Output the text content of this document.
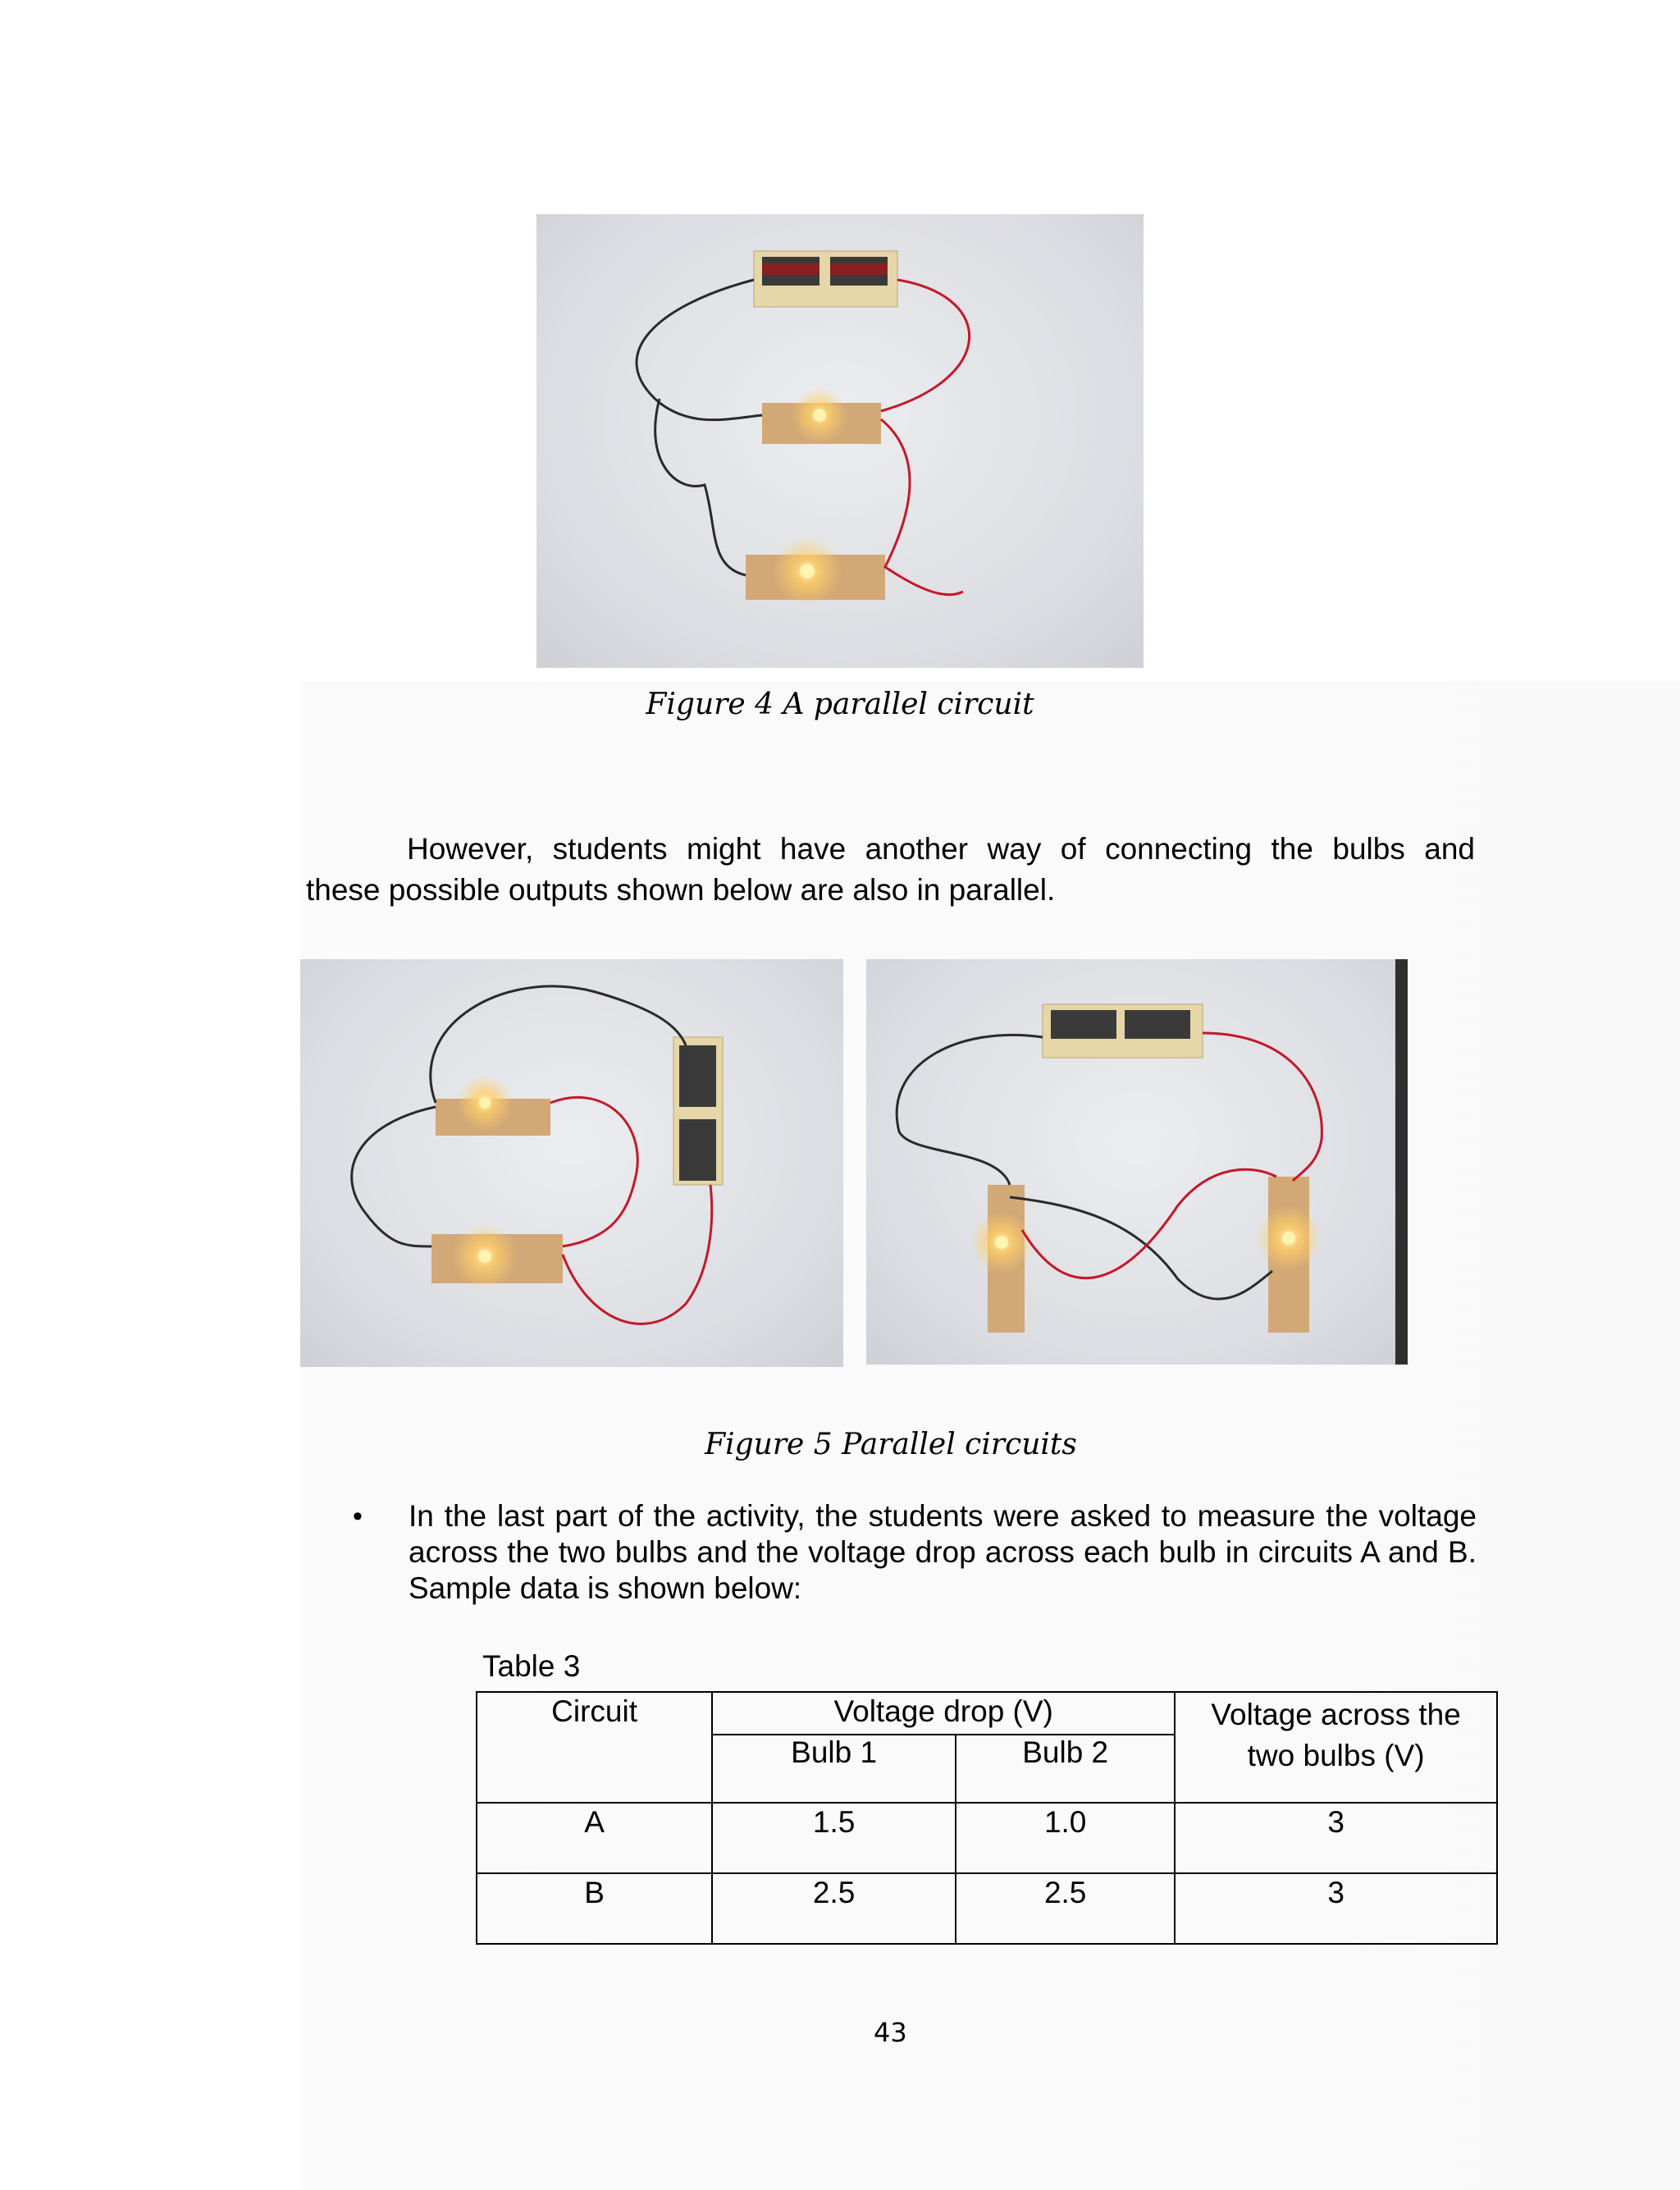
Figure 4 A parallel circuit
However, students might have another way of connecting the bulbs and
these possible outputs shown below are also in parallel.
Figure 5 Parallel circuits
• In the last part of the activity, the students were asked to measure the voltage across the two bulbs and the voltage drop across each bulb in circuits A and B. Sample data is shown below:
Table 3
Circuit	Voltage drop (V)		Voltage across the
two bulbs (V)
	Bulb 1	Bulb 2	
A	1.5	1.0	3
B	2.5	2.5	3
43
